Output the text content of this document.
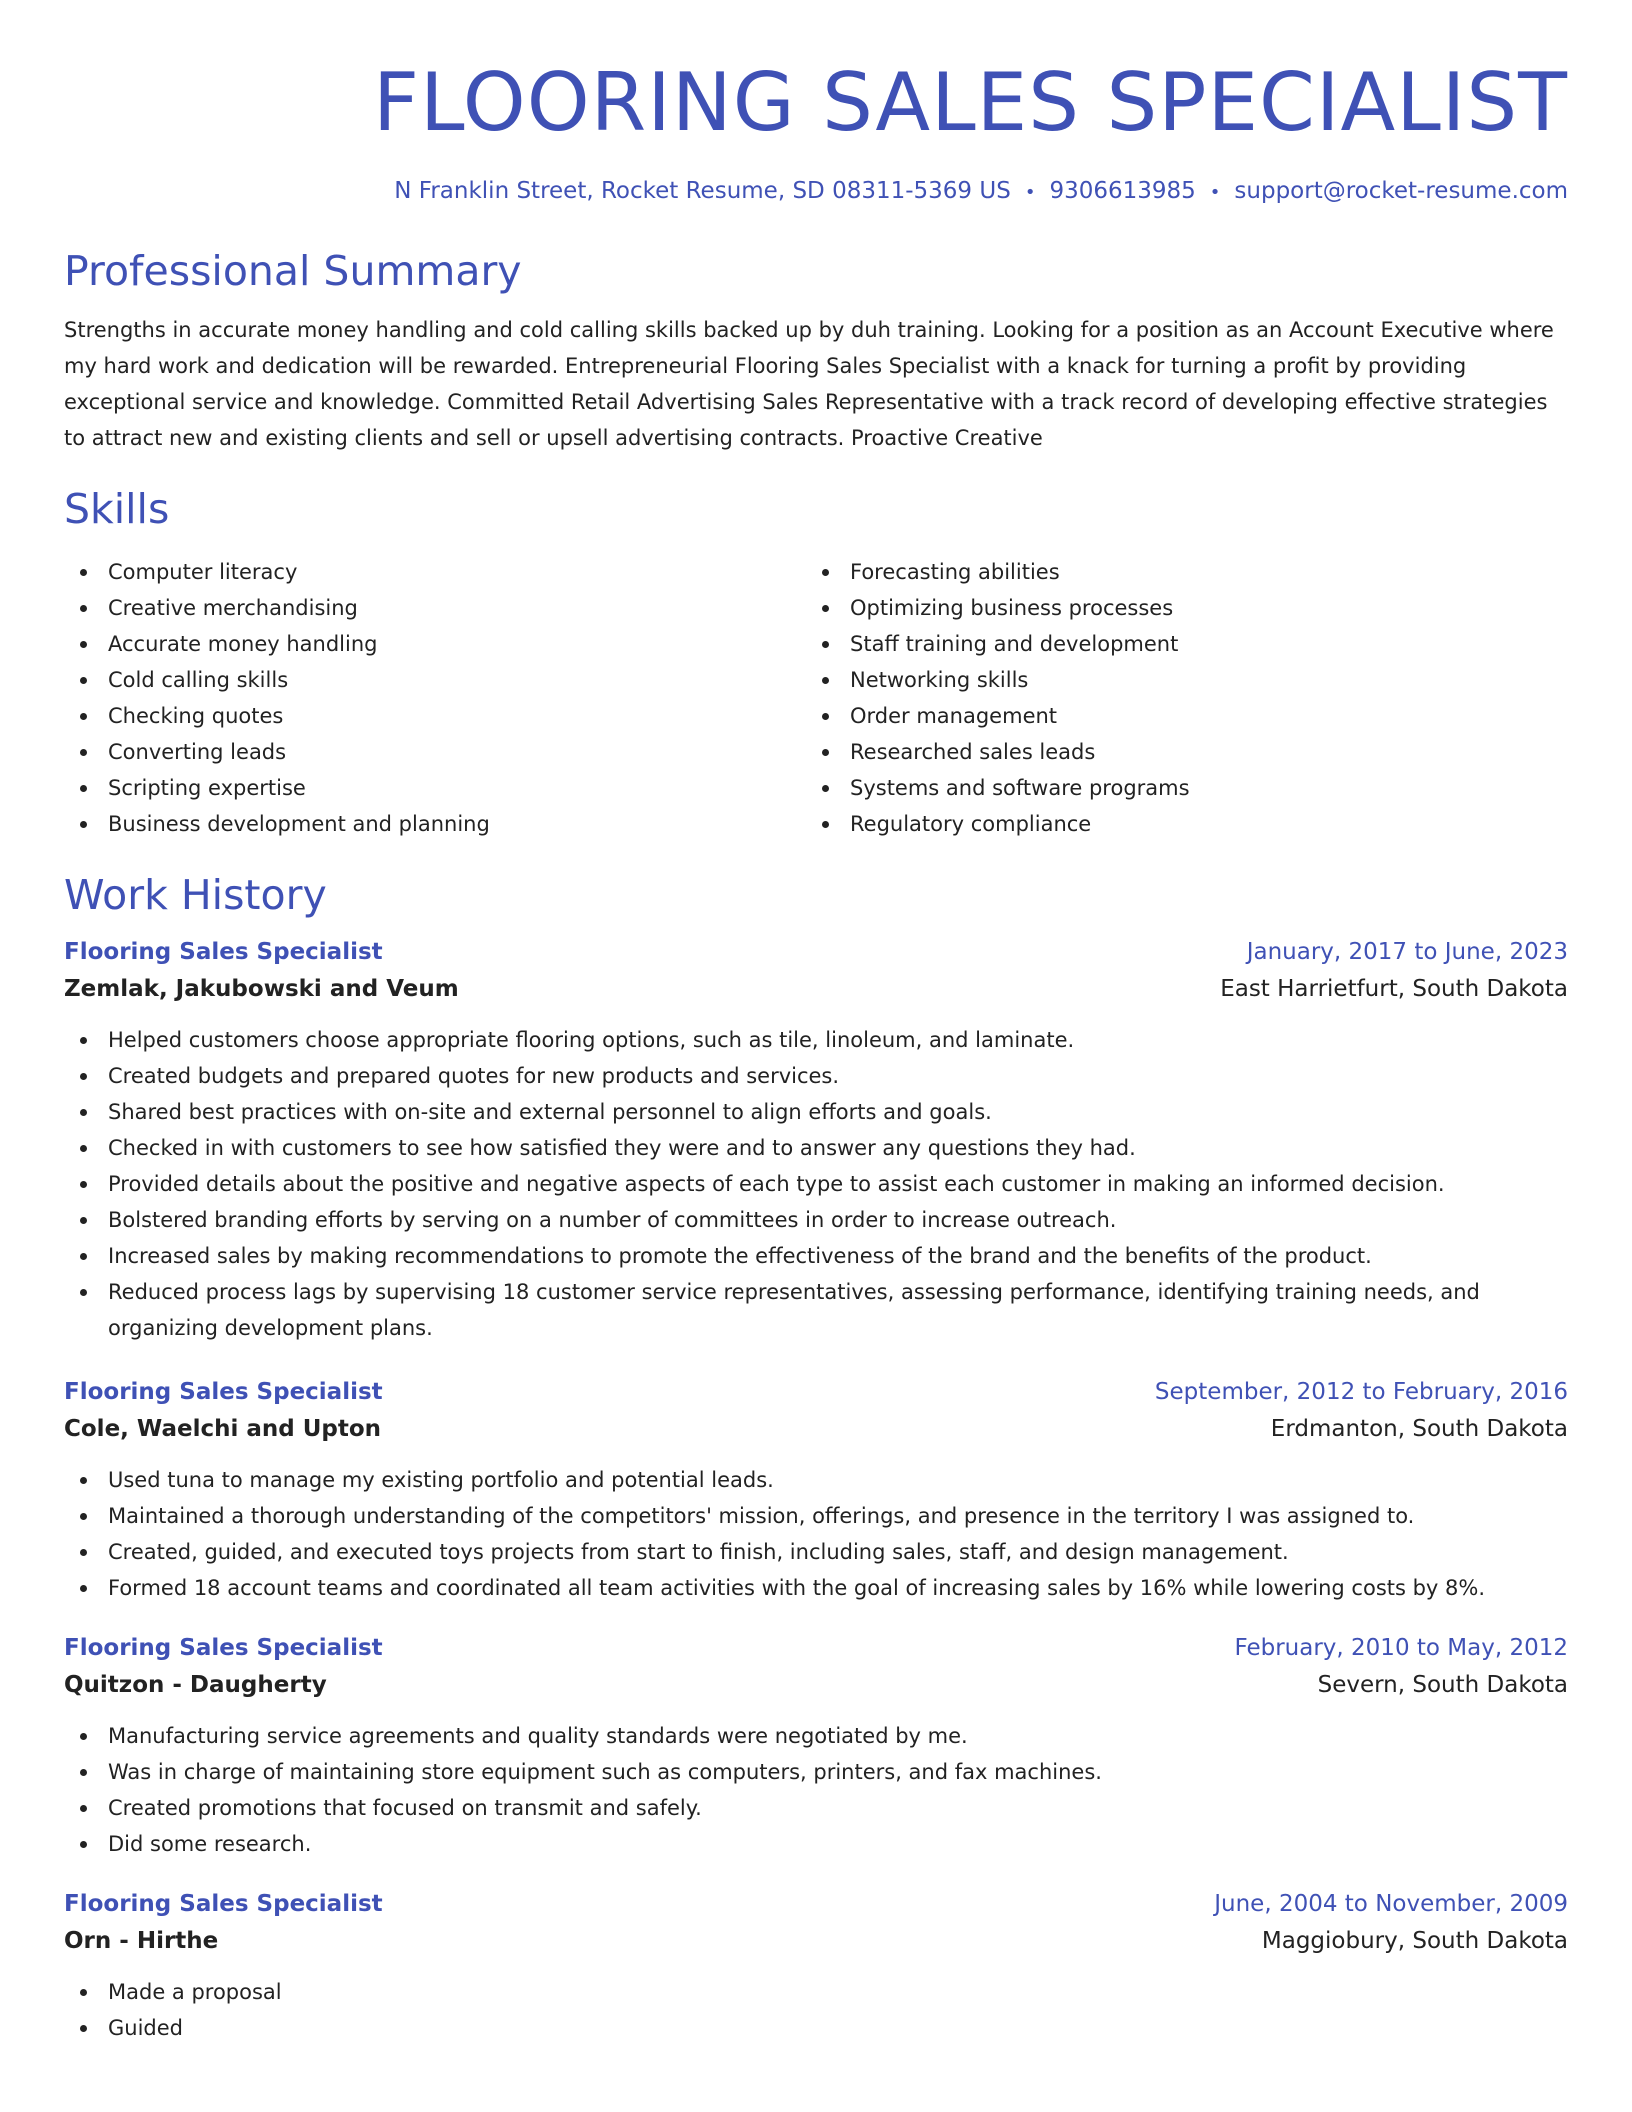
FLOORING SALES SPECIALIST
N Franklin Street, Rocket Resume, SD 08311-5369 US • 9306613985 • support@rocket-resume.com
Professional Summary
Strengths in accurate money handling and cold calling skills backed up by duh training. Looking for a position as an Account Executive where my hard work and dedication will be rewarded. Entrepreneurial Flooring Sales Specialist with a knack for turning a profit by providing exceptional service and knowledge. Committed Retail Advertising Sales Representative with a track record of developing effective strategies to attract new and existing clients and sell or upsell advertising contracts. Proactive Creative
Skills
Computer literacy
Creative merchandising
Accurate money handling
Cold calling skills
Checking quotes
Converting leads
Scripting expertise
Business development and planning
Forecasting abilities
Optimizing business processes
Staff training and development
Networking skills
Order management
Researched sales leads
Systems and software programs
Regulatory compliance
Work History
Flooring Sales Specialist	January, 2017 to June, 2023
Zemlak, Jakubowski and Veum	East Harrietfurt, South Dakota
Helped customers choose appropriate flooring options, such as tile, linoleum, and laminate.
Created budgets and prepared quotes for new products and services.
Shared best practices with on-site and external personnel to align efforts and goals.
Checked in with customers to see how satisfied they were and to answer any questions they had.
Provided details about the positive and negative aspects of each type to assist each customer in making an informed decision.
Bolstered branding efforts by serving on a number of committees in order to increase outreach.
Increased sales by making recommendations to promote the effectiveness of the brand and the benefits of the product.
Reduced process lags by supervising 18 customer service representatives, assessing performance, identifying training needs, and organizing development plans.
Flooring Sales Specialist	September, 2012 to February, 2016
Cole, Waelchi and Upton	Erdmanton, South Dakota
Used tuna to manage my existing portfolio and potential leads.
Maintained a thorough understanding of the competitors' mission, offerings, and presence in the territory I was assigned to.
Created, guided, and executed toys projects from start to finish, including sales, staff, and design management.
Formed 18 account teams and coordinated all team activities with the goal of increasing sales by 16% while lowering costs by 8%.
Flooring Sales Specialist	February, 2010 to May, 2012
Quitzon - Daugherty	Severn, South Dakota
Manufacturing service agreements and quality standards were negotiated by me.
Was in charge of maintaining store equipment such as computers, printers, and fax machines.
Created promotions that focused on transmit and safely.
Did some research.
Flooring Sales Specialist	June, 2004 to November, 2009
Orn - Hirthe	Maggiobury, South Dakota
Made a proposal
Guided
